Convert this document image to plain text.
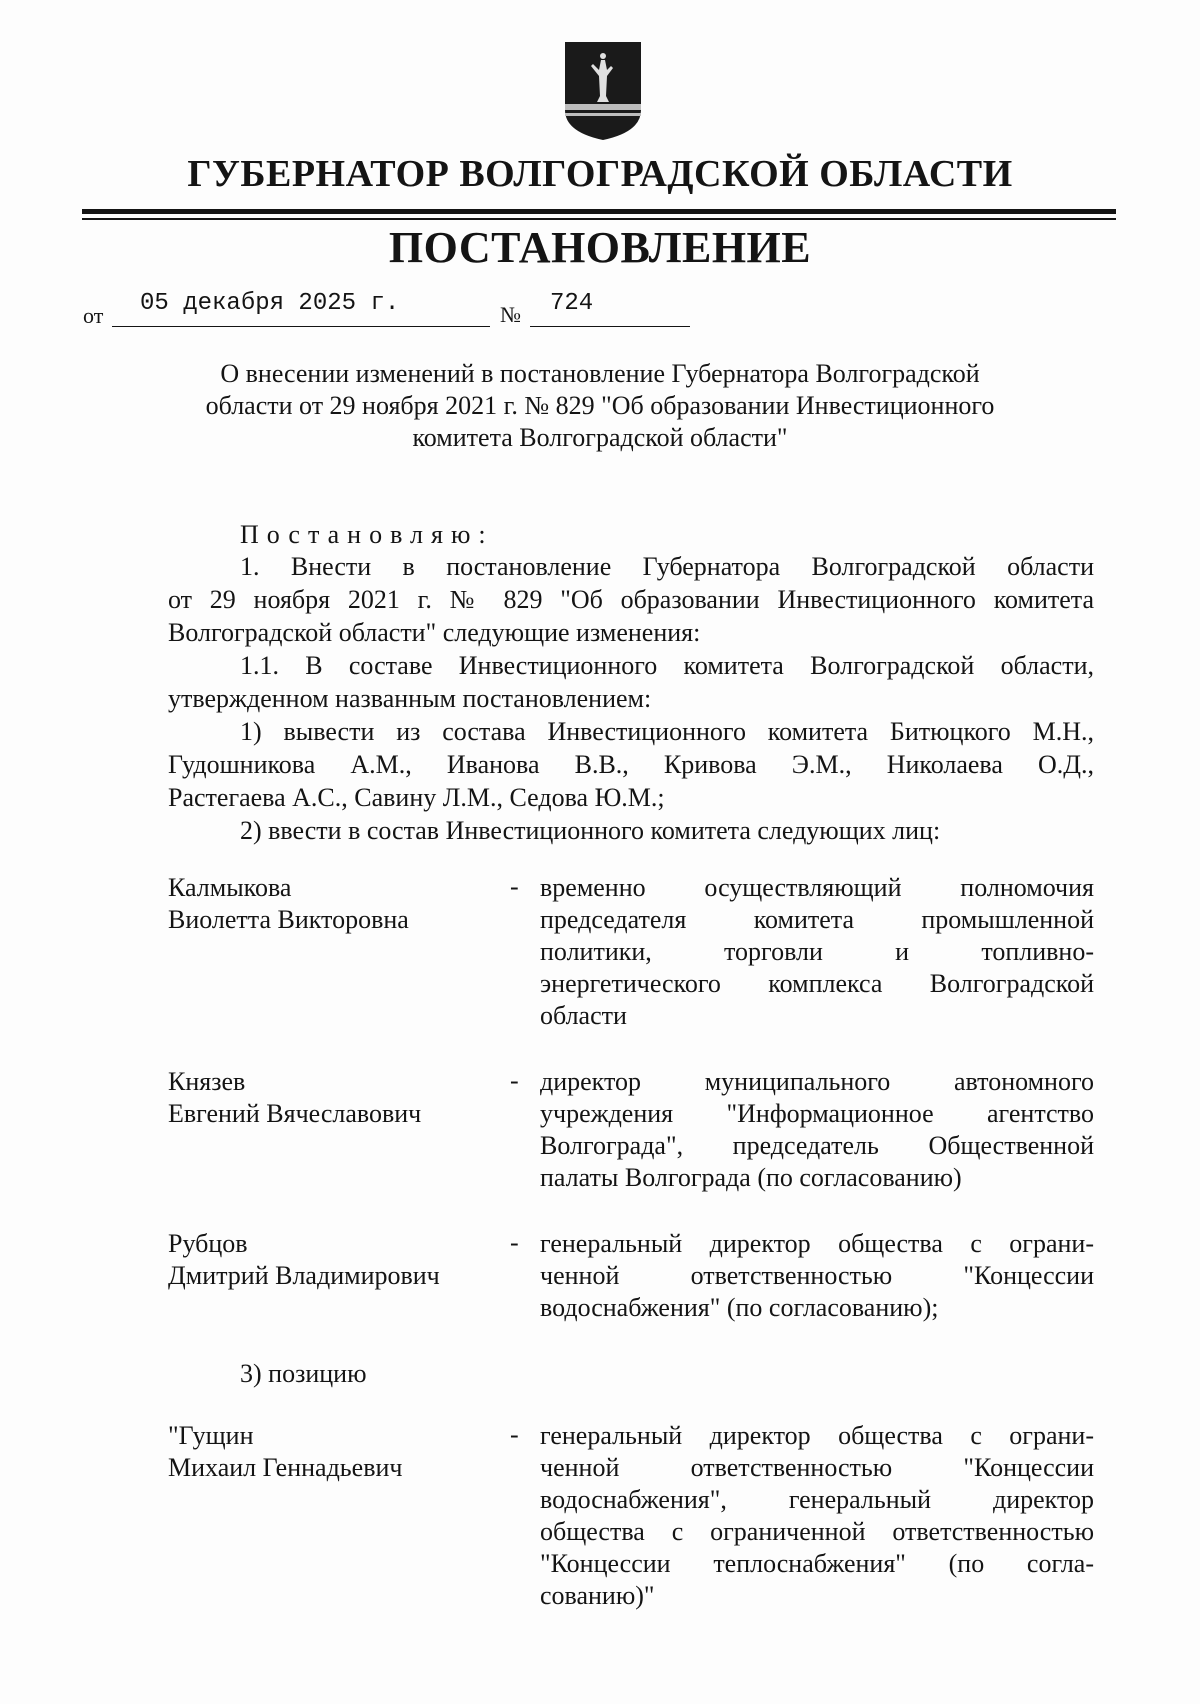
ГУБЕРНАТОР ВОЛГОГРАДСКОЙ ОБЛАСТИ
ПОСТАНОВЛЕНИЕ
от 05 декабря 2025 г.	№ 724
О внесении изменений в постановление Губернатора Волгоградской
области от 29 ноября 2021 г. № 829 "Об образовании Инвестиционного
комитета Волгоградской области"
Постановляю:
1. Внести в постановление Губернатора Волгоградской области
от 29 ноября 2021 г. № 829 "Об образовании Инвестиционного комитета
Волгоградской области" следующие изменения:
1.1. В составе Инвестиционного комитета Волгоградской области,
утвержденном названным постановлением:
1) вывести из состава Инвестиционного комитета Битюцкого М.Н.,
Гудошникова А.М., Иванова В.В., Кривова Э.М., Николаева О.Д.,
Растегаева А.С., Савину Л.М., Седова Ю.М.;
2) ввести в состав Инвестиционного комитета следующих лиц:
3) позицию
Калмыкова
Виолетта Викторовна
- временно осуществляющий полномочия
председателя комитета промышленной
политики, торговли и топливно-
энергетического комплекса Волгоградской
области
Князев
Евгений Вячеславович
- директор муниципального автономного
учреждения "Информационное агентство
Волгограда", председатель Общественной
палаты Волгограда (по согласованию)
Рубцов
Дмитрий Владимирович
- генеральный директор общества с ограни-
ченной ответственностью "Концессии
водоснабжения" (по согласованию);
"Гущин
Михаил Геннадьевич
- генеральный директор общества с ограни-
ченной ответственностью "Концессии
водоснабжения", генеральный директор
общества с ограниченной ответственностью
"Концессии теплоснабжения" (по согла-
сованию)"
